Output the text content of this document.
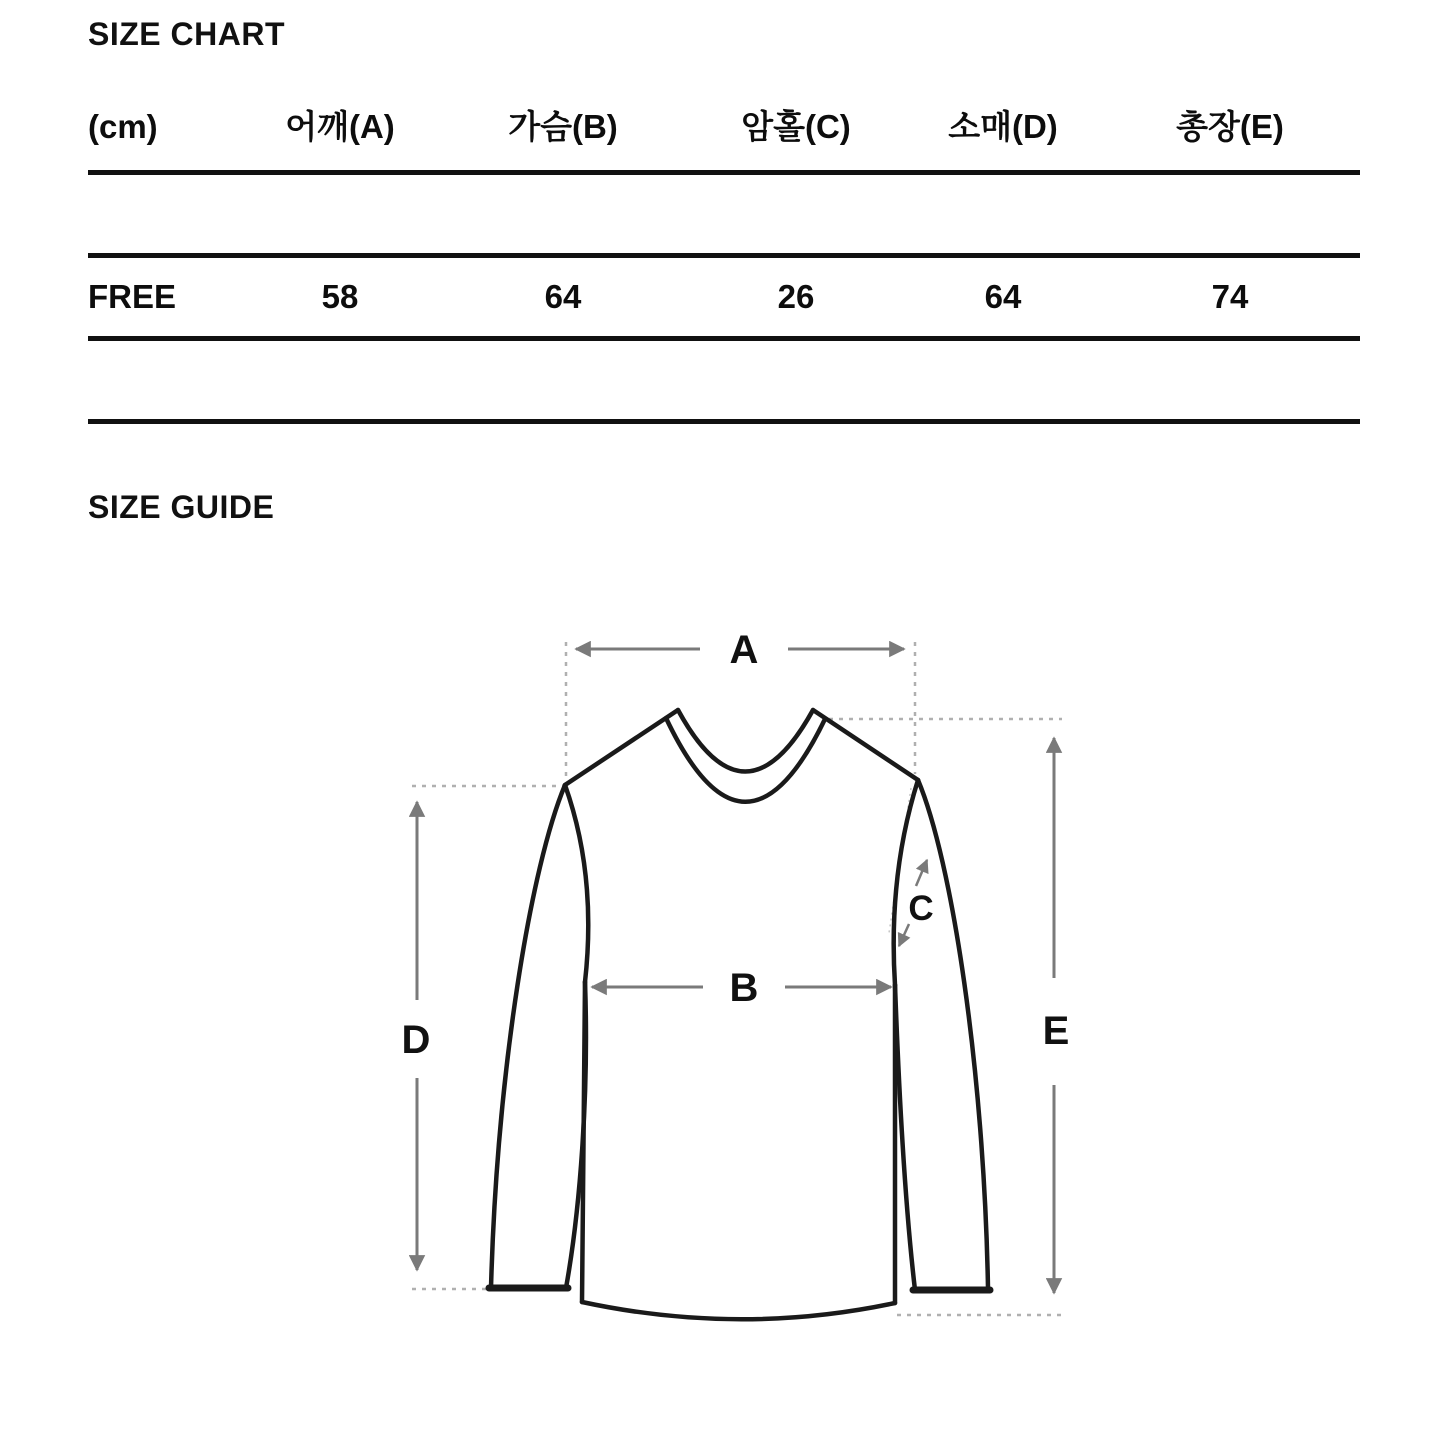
SIZE CHART
(cm)	어깨(A)	가슴(B)	암홀(C)	소매(D)	총장(E)
FREE	58	64	26	64	74
SIZE GUIDE
A
B
C
D	E
